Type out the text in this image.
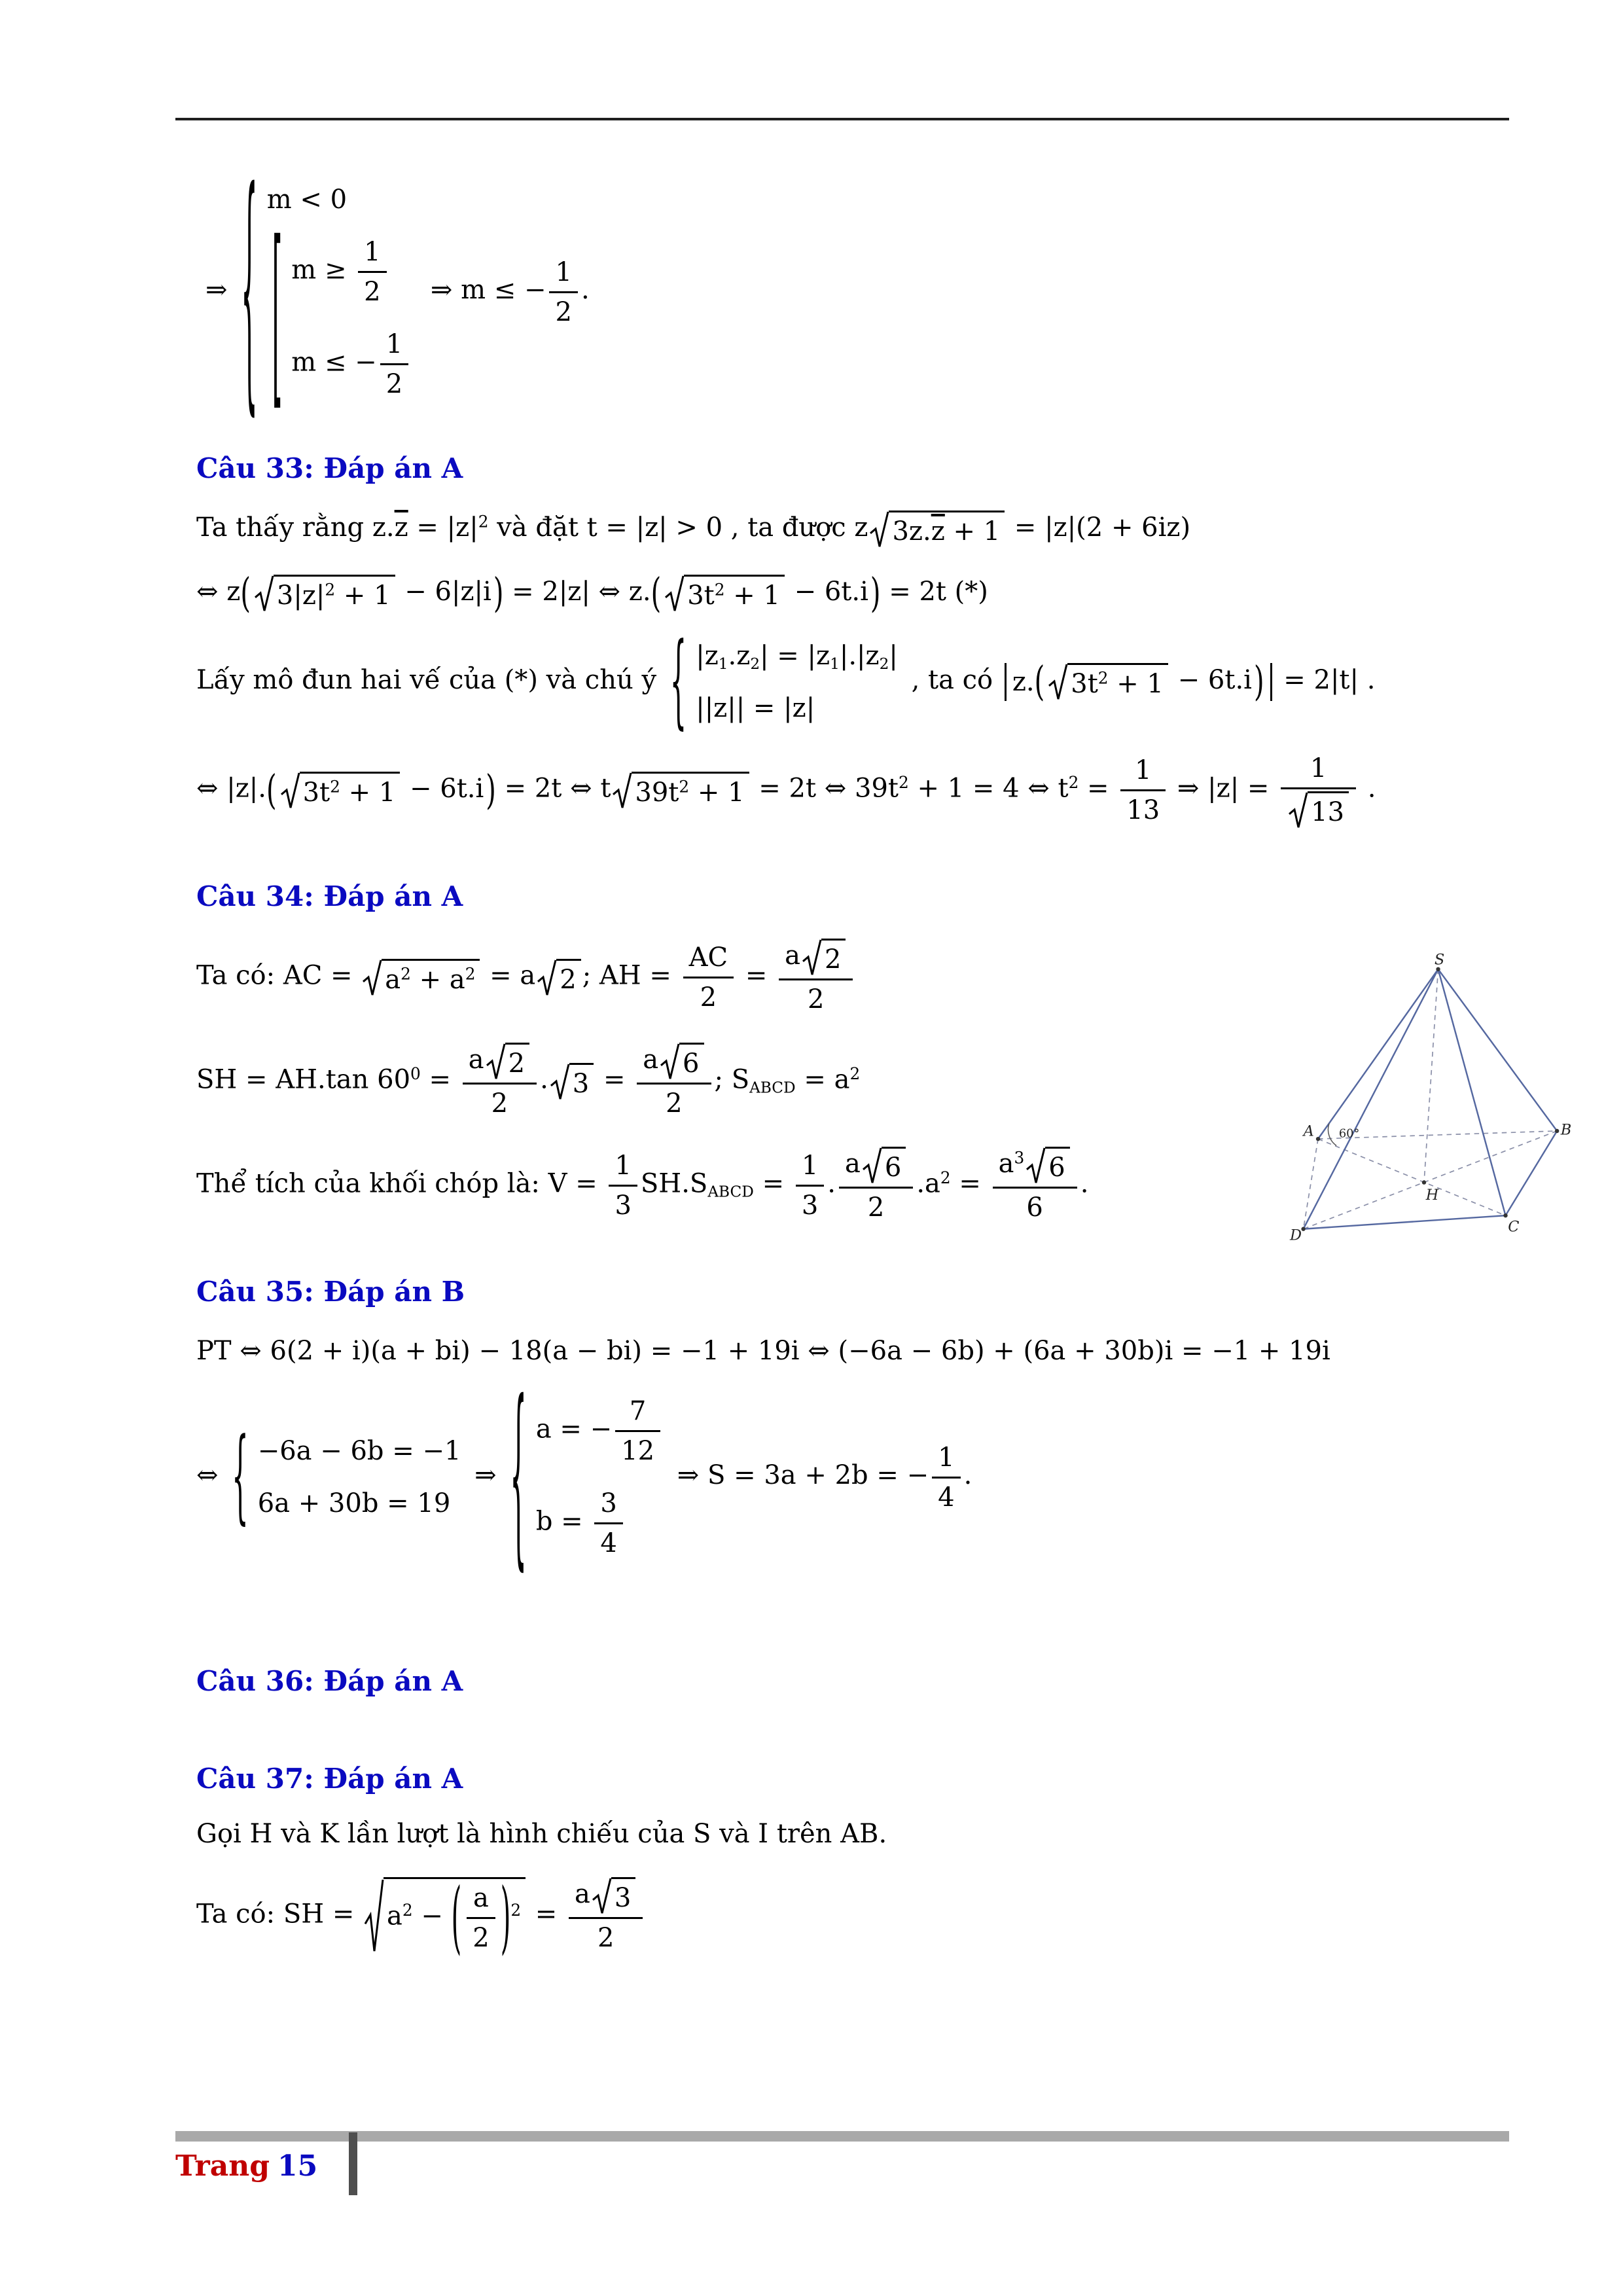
⇒ { m < 0
[ $m \ge \frac{1}{2}$
m ≤ − $\frac{1}{2}$
⇒ m ≤ − $\frac{1}{2}$ .
Câu 33: Đáp án A
Ta thấy rằng $z.\overline{z} = |z|^2$ và đặt t = |z| > 0 , ta được z $3z.\overline{z} + 1 = |z|(2 + 6iz)$
⇔ z (	$3|z|^2 + 1 - 6|z|i$ ) = 2|z| ⇔ z. (	$3t^2 + 1 - 6t.i$ ) = 2t (*)
Lấy mô đun hai vế của (*) và chú ý { $|z_1.z_2| = |z_1|.|z_2|$
||z|| = |z|
, ta có z. (	$3t^2 + 1 - 6t.i$ ) = 2|t| .
⇔ |z|. (	$3t^2 + 1 - 6t.i$ ) = 2t ⇔ t $39t^2 + 1 = 2t$ ⇔ $39t^2 + 1 = 4$ ⇔ $t^2 = \frac{1}{13}$ ⇒ $|z| = \frac{1}{13}$ .
Câu 34: Đáp án A
S
A	B
C
D
H
60°
Ta có: AC =
$a^2 + a^2 = a$ 2 ; AH = $\frac{AC}{2} = \frac{a 2}{2}$
SH = AH.tan $60^0 = \frac{a 2}{2}$ . $3 = \frac{a 6}{2}$ ; $S_{ABCD} = a^2$
Thể tích của khối chóp là: $V = \frac{1}{3} SH.S_{ABCD} = \frac{1}{3}$ . $\frac{a 6}{2} .a^2 = \frac{a^3 6}{6}$ .
Câu 35: Đáp án B
PT ⇔ 6(2 + i)(a + bi) − 18(a − bi) = −1 + 19i ⇔ (−6a − 6b) + (6a + 30b)i = −1 + 19i
⇔ { −6a − 6b = −1
6a + 30b = 19
⇒ { a = − $\frac{7}{12}$
$b = \frac{3}{4}$
⇒ S = 3a + 2b = − $\frac{1}{4}$ .
Câu 36: Đáp án A
Câu 37: Đáp án A
Gọi H và K lần lượt là hình chiếu của S và I trên AB.
Ta có: SH =
$a^2$ − ( $\frac{a}{2}$ ) $^2 = \frac{a 3}{2}$
Trang 15
